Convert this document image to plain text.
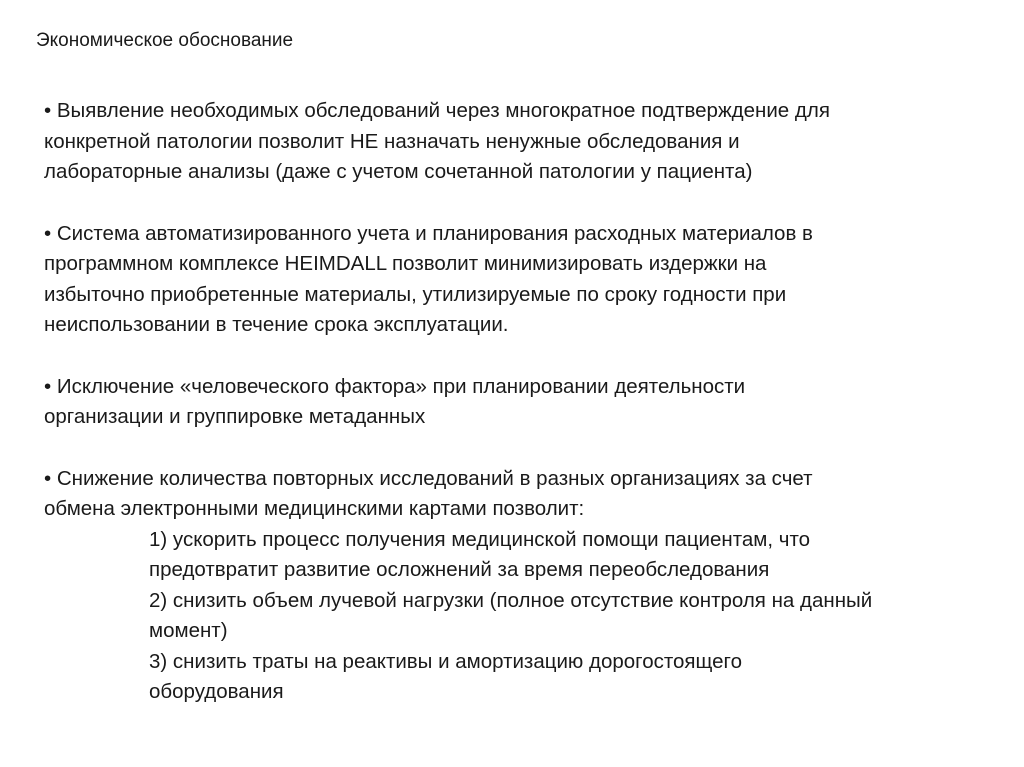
Экономическое обоснование
• Выявление необходимых обследований через многократное подтверждение для
конкретной патологии позволит НЕ назначать ненужные обследования и
лабораторные анализы (даже с учетом сочетанной патологии у пациента)
• Система автоматизированного учета и планирования расходных материалов в
программном комплексе HEIMDALL позволит минимизировать издержки на
избыточно приобретенные материалы, утилизируемые по сроку годности при
неиспользовании в течение срока эксплуатации.
• Исключение «человеческого фактора» при планировании деятельности
организации и группировке метаданных
• Снижение количества повторных исследований в разных организациях за счет
обмена электронными медицинскими картами позволит:
1) ускорить процесс получения медицинской помощи пациентам, что
предотвратит развитие осложнений за время переобследования
2) снизить объем лучевой нагрузки (полное отсутствие контроля на данный
момент)
3) снизить траты на реактивы и амортизацию дорогостоящего
оборудования
